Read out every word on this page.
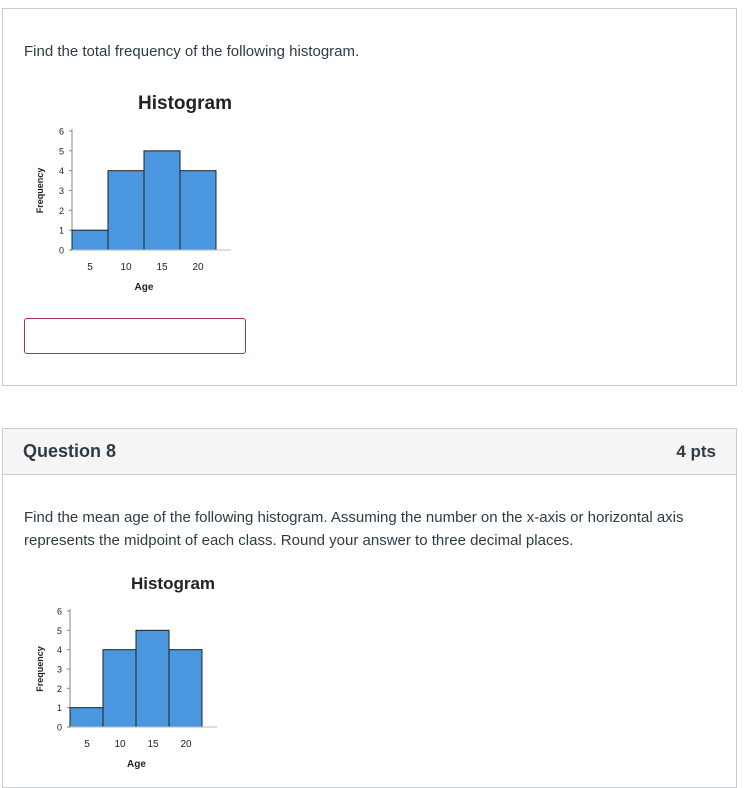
Find the total frequency of the following histogram.
Histogram
Frequency
0
1
2
3
4
5
6
5	10 15 20
Age
Question 8	4 pts
Find the mean age of the following histogram. Assuming the number on the x-axis or horizontal axis represents the midpoint of each class. Round your answer to three decimal places.
Histogram
Frequency
0
1
2
3
4
5
6
5 10 15 20
Age
